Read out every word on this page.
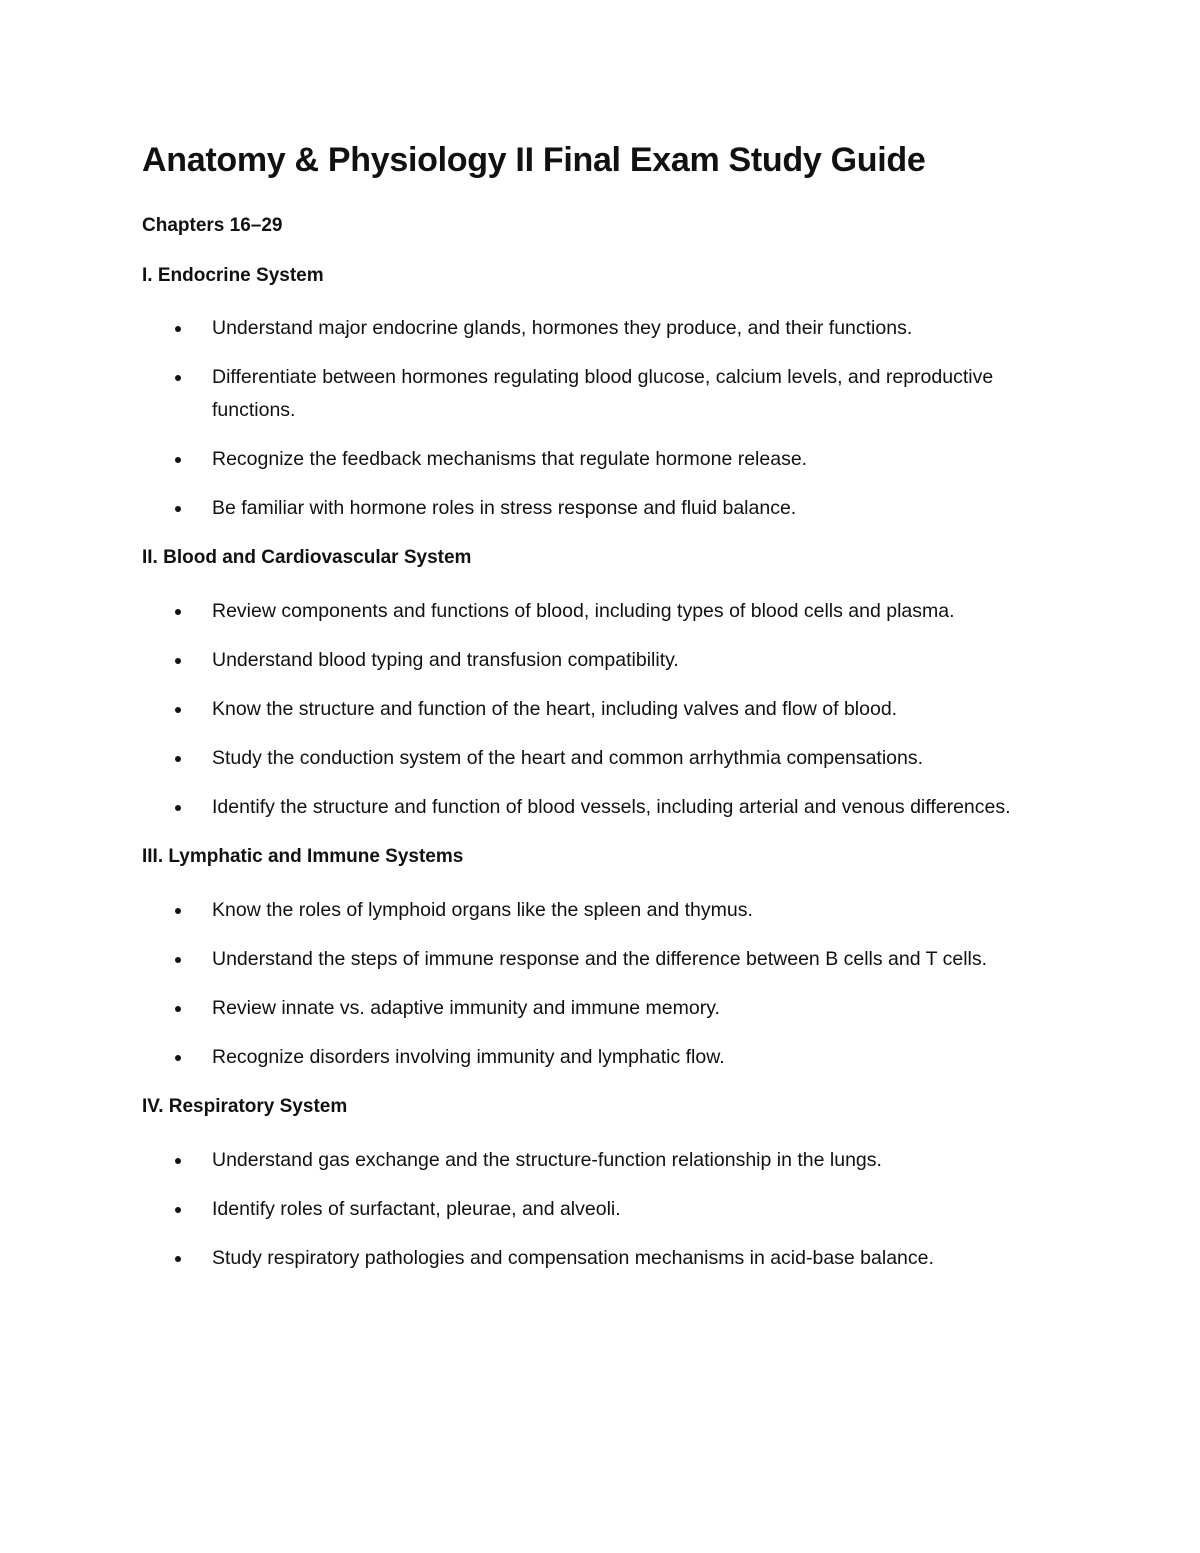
Anatomy & Physiology II Final Exam Study Guide
Chapters 16–29
I. Endocrine System
Understand major endocrine glands, hormones they produce, and their functions.
Differentiate between hormones regulating blood glucose, calcium levels, and reproductive functions.
Recognize the feedback mechanisms that regulate hormone release.
Be familiar with hormone roles in stress response and fluid balance.
II. Blood and Cardiovascular System
Review components and functions of blood, including types of blood cells and plasma.
Understand blood typing and transfusion compatibility.
Know the structure and function of the heart, including valves and flow of blood.
Study the conduction system of the heart and common arrhythmia compensations.
Identify the structure and function of blood vessels, including arterial and venous differences.
III. Lymphatic and Immune Systems
Know the roles of lymphoid organs like the spleen and thymus.
Understand the steps of immune response and the difference between B cells and T cells.
Review innate vs. adaptive immunity and immune memory.
Recognize disorders involving immunity and lymphatic flow.
IV. Respiratory System
Understand gas exchange and the structure-function relationship in the lungs.
Identify roles of surfactant, pleurae, and alveoli.
Study respiratory pathologies and compensation mechanisms in acid-base balance.
